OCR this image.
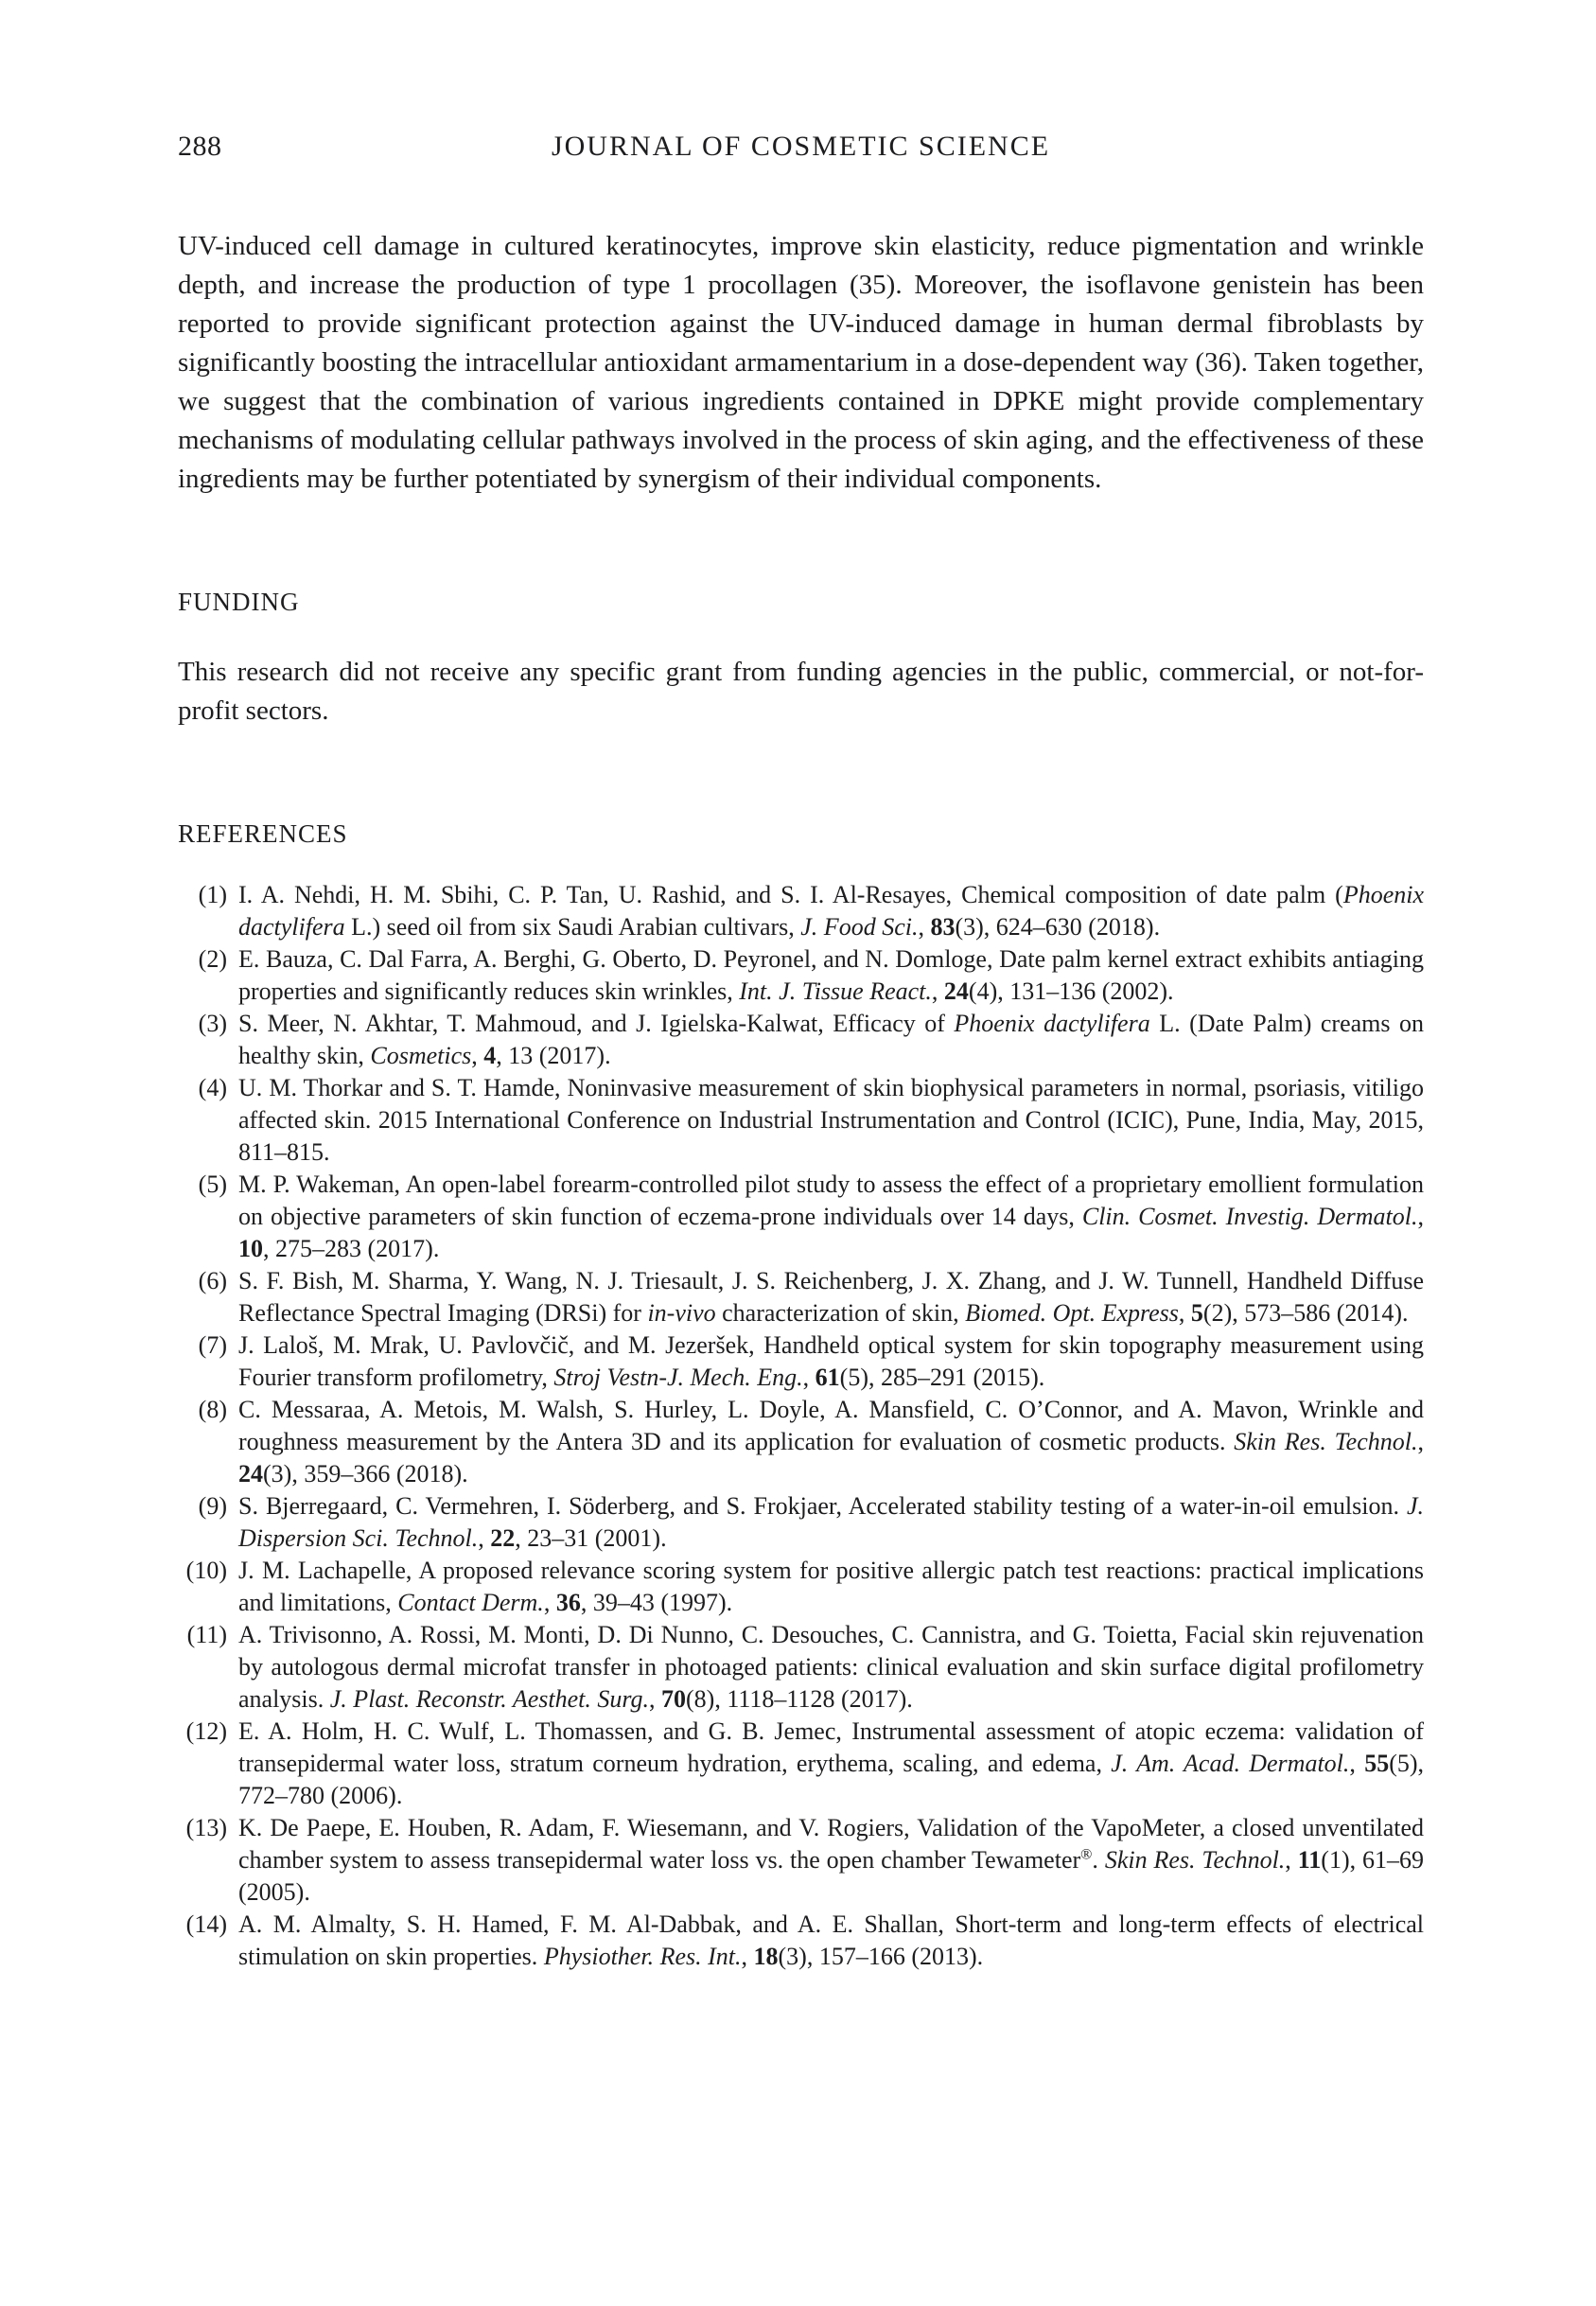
288	JOURNAL OF COSMETIC SCIENCE

UV-induced cell damage in cultured keratinocytes, improve skin elasticity, reduce pigmentation and wrinkle depth, and increase the production of type 1 procollagen (35). Moreover, the isoflavone genistein has been reported to provide significant protection against the UV-induced damage in human dermal fibroblasts by significantly boosting the intracellular antioxidant armamentarium in a dose-dependent way (36). Taken together, we suggest that the combination of various ingredients contained in DPKE might provide complementary mechanisms of modulating cellular pathways involved in the process of skin aging, and the effectiveness of these ingredients may be further potentiated by synergism of their individual components.

FUNDING

This research did not receive any specific grant from funding agencies in the public, commercial, or not-for-profit sectors.

REFERENCES
(1) I. A. Nehdi, H. M. Sbihi, C. P. Tan, U. Rashid, and S. I. Al-Resayes, Chemical composition of date palm (Phoenix dactylifera L.) seed oil from six Saudi Arabian cultivars, J. Food Sci., 83(3), 624–630 (2018).
(2) E. Bauza, C. Dal Farra, A. Berghi, G. Oberto, D. Peyronel, and N. Domloge, Date palm kernel extract exhibits antiaging properties and significantly reduces skin wrinkles, Int. J. Tissue React., 24(4), 131–136 (2002).
(3) S. Meer, N. Akhtar, T. Mahmoud, and J. Igielska-Kalwat, Efficacy of Phoenix dactylifera L. (Date Palm) creams on healthy skin, Cosmetics, 4, 13 (2017).
(4) U. M. Thorkar and S. T. Hamde, Noninvasive measurement of skin biophysical parameters in normal, psoriasis, vitiligo affected skin. 2015 International Conference on Industrial Instrumentation and Control (ICIC), Pune, India, May, 2015, 811–815.
(5) M. P. Wakeman, An open-label forearm-controlled pilot study to assess the effect of a proprietary emollient formulation on objective parameters of skin function of eczema-prone individuals over 14 days, Clin. Cosmet. Investig. Dermatol., 10, 275–283 (2017).
(6) S. F. Bish, M. Sharma, Y. Wang, N. J. Triesault, J. S. Reichenberg, J. X. Zhang, and J. W. Tunnell, Handheld Diffuse Reflectance Spectral Imaging (DRSi) for in-vivo characterization of skin, Biomed. Opt. Express, 5(2), 573–586 (2014).
(7) J. Laloš, M. Mrak, U. Pavlovčič, and M. Jezeršek, Handheld optical system for skin topography measurement using Fourier transform profilometry, Stroj Vestn-J. Mech. Eng., 61(5), 285–291 (2015).
(8) C. Messaraa, A. Metois, M. Walsh, S. Hurley, L. Doyle, A. Mansfield, C. O’Connor, and A. Mavon, Wrinkle and roughness measurement by the Antera 3D and its application for evaluation of cosmetic products. Skin Res. Technol., 24(3), 359–366 (2018).
(9) S. Bjerregaard, C. Vermehren, I. Söderberg, and S. Frokjaer, Accelerated stability testing of a water-in-oil emulsion. J. Dispersion Sci. Technol., 22, 23–31 (2001).
(10) J. M. Lachapelle, A proposed relevance scoring system for positive allergic patch test reactions: practical implications and limitations, Contact Derm., 36, 39–43 (1997).
(11) A. Trivisonno, A. Rossi, M. Monti, D. Di Nunno, C. Desouches, C. Cannistra, and G. Toietta, Facial skin rejuvenation by autologous dermal microfat transfer in photoaged patients: clinical evaluation and skin surface digital profilometry analysis. J. Plast. Reconstr. Aesthet. Surg., 70(8), 1118–1128 (2017).
(12) E. A. Holm, H. C. Wulf, L. Thomassen, and G. B. Jemec, Instrumental assessment of atopic eczema: validation of transepidermal water loss, stratum corneum hydration, erythema, scaling, and edema, J. Am. Acad. Dermatol., 55(5), 772–780 (2006).
(13) K. De Paepe, E. Houben, R. Adam, F. Wiesemann, and V. Rogiers, Validation of the VapoMeter, a closed unventilated chamber system to assess transepidermal water loss vs. the open chamber Tewameter®. Skin Res. Technol., 11(1), 61–69 (2005).
(14) A. M. Almalty, S. H. Hamed, F. M. Al-Dabbak, and A. E. Shallan, Short-term and long-term effects of electrical stimulation on skin properties. Physiother. Res. Int., 18(3), 157–166 (2013).
